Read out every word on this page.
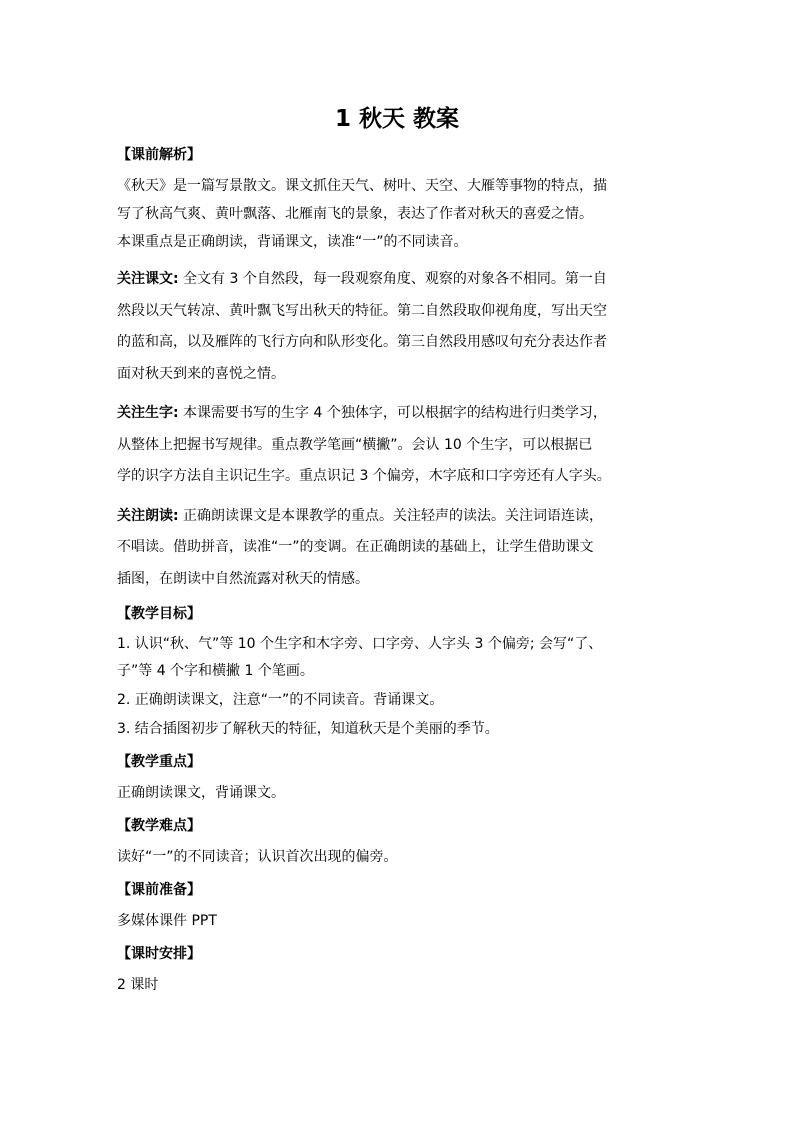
1 秋天 教案
【课前解析】
《秋天》是一篇写景散文。课文抓住天气、树叶、天空、大雁等事物的特点，描
写了秋高气爽、黄叶飘落、北雁南飞的景象，表达了作者对秋天的喜爱之情。
本课重点是正确朗读，背诵课文，读准“一”的不同读音。
关注课文: 全文有 3 个自然段，每一段观察角度、观察的对象各不相同。第一自
然段以天气转凉、黄叶飘飞写出秋天的特征。第二自然段取仰视角度，写出天空
的蓝和高，以及雁阵的飞行方向和队形变化。第三自然段用感叹句充分表达作者
面对秋天到来的喜悦之情。
关注生字: 本课需要书写的生字 4 个独体字，可以根据字的结构进行归类学习，
从整体上把握书写规律。重点教学笔画“横撇”。会认 10 个生字，可以根据已
学的识字方法自主识记生字。重点识记 3 个偏旁，木字底和口字旁还有人字头。
关注朗读: 正确朗读课文是本课教学的重点。关注轻声的读法。关注词语连读，
不唱读。借助拼音，读准“一”的变调。在正确朗读的基础上，让学生借助课文
插图，在朗读中自然流露对秋天的情感。
【教学目标】
1. 认识“秋、气”等 10 个生字和木字旁、口字旁、人字头 3 个偏旁; 会写“了、
子”等 4 个字和横撇 1 个笔画。
2. 正确朗读课文，注意“一”的不同读音。背诵课文。
3. 结合插图初步了解秋天的特征，知道秋天是个美丽的季节。
【教学重点】
正确朗读课文，背诵课文。
【教学难点】
读好“一”的不同读音；认识首次出现的偏旁。
【课前准备】
多媒体课件 PPT
【课时安排】
2 课时
